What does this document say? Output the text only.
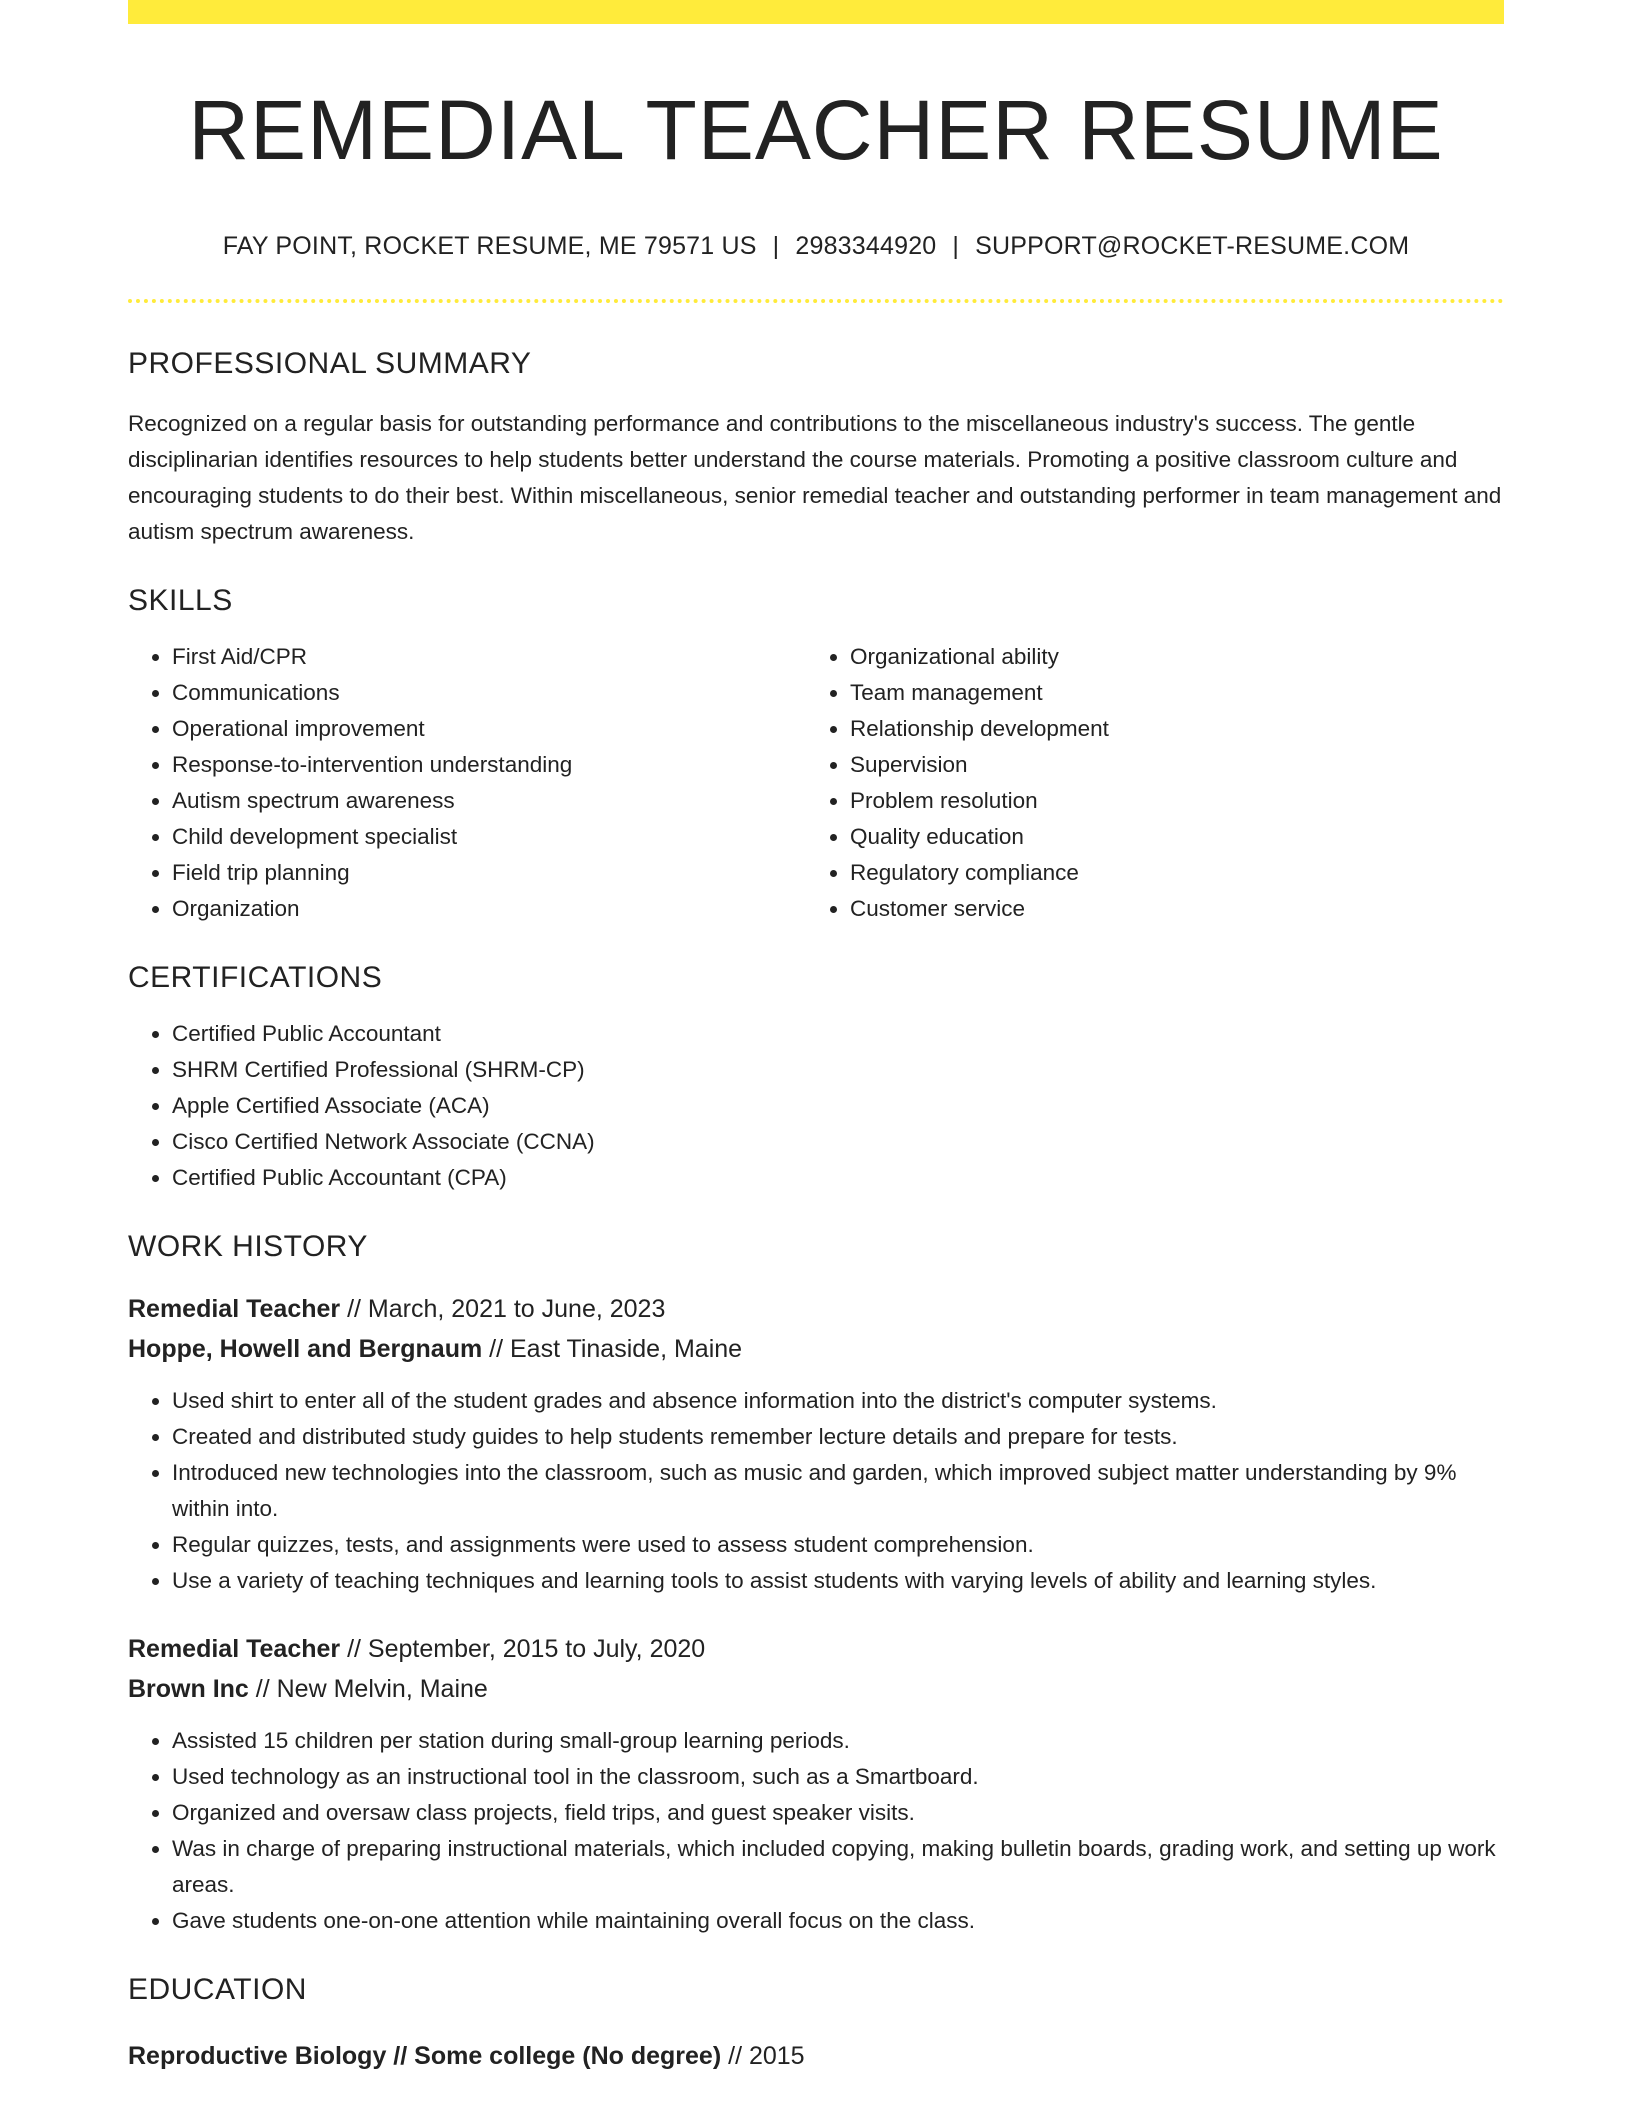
REMEDIAL TEACHER RESUME
FAY POINT, ROCKET RESUME, ME 79571 US | 2983344920 | SUPPORT@ROCKET-RESUME.COM
PROFESSIONAL SUMMARY
Recognized on a regular basis for outstanding performance and contributions to the miscellaneous industry's success. The gentle disciplinarian identifies resources to help students better understand the course materials. Promoting a positive classroom culture and encouraging students to do their best. Within miscellaneous, senior remedial teacher and outstanding performer in team management and autism spectrum awareness.
SKILLS
• First Aid/CPR
• Communications
• Operational improvement
• Response-to-intervention understanding
• Autism spectrum awareness
• Child development specialist
• Field trip planning
• Organization
• Organizational ability
• Team management
• Relationship development
• Supervision
• Problem resolution
• Quality education
• Regulatory compliance
• Customer service
CERTIFICATIONS
• Certified Public Accountant
• SHRM Certified Professional (SHRM-CP)
• Apple Certified Associate (ACA)
• Cisco Certified Network Associate (CCNA)
• Certified Public Accountant (CPA)
WORK HISTORY
Remedial Teacher // March, 2021 to June, 2023
Hoppe, Howell and Bergnaum // East Tinaside, Maine
• Used shirt to enter all of the student grades and absence information into the district's computer systems.
• Created and distributed study guides to help students remember lecture details and prepare for tests.
• Introduced new technologies into the classroom, such as music and garden, which improved subject matter understanding by 9% within into.
• Regular quizzes, tests, and assignments were used to assess student comprehension.
• Use a variety of teaching techniques and learning tools to assist students with varying levels of ability and learning styles.
Remedial Teacher // September, 2015 to July, 2020
Brown Inc // New Melvin, Maine
• Assisted 15 children per station during small-group learning periods.
• Used technology as an instructional tool in the classroom, such as a Smartboard.
• Organized and oversaw class projects, field trips, and guest speaker visits.
• Was in charge of preparing instructional materials, which included copying, making bulletin boards, grading work, and setting up work areas.
• Gave students one-on-one attention while maintaining overall focus on the class.
EDUCATION
Reproductive Biology // Some college (No degree) // 2015
